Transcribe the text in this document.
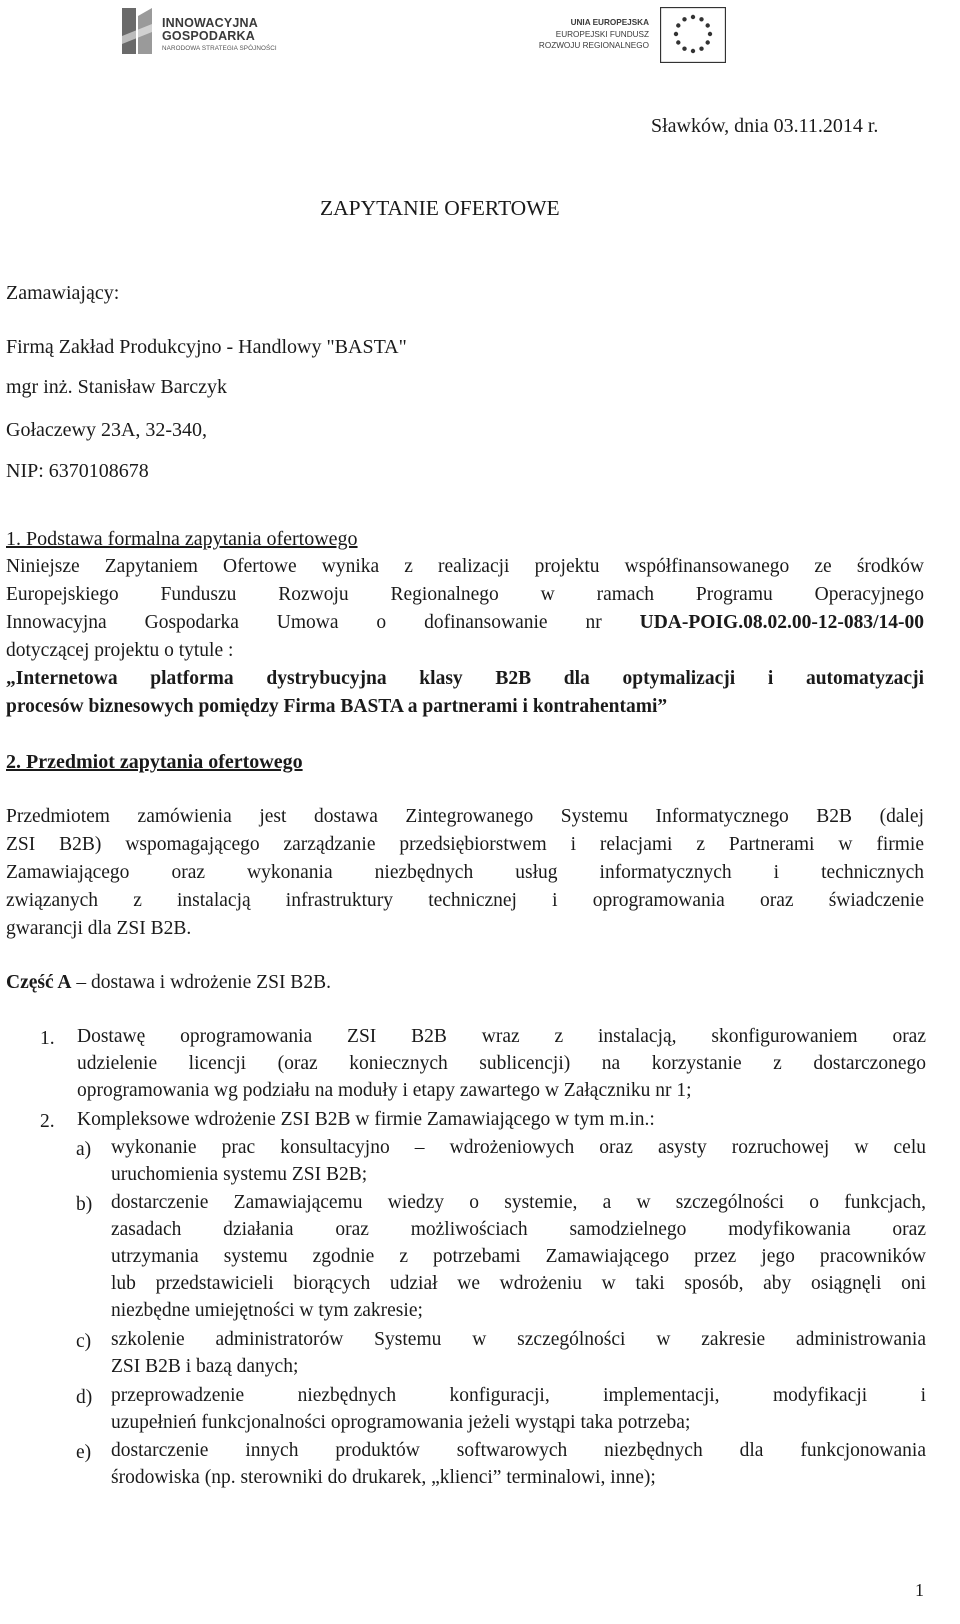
INNOWACYJNA
GOSPODARKA
NARODOWA STRATEGIA SPÓJNOŚCI
UNIA EUROPEJSKA
EUROPEJSKI FUNDUSZ
ROZWOJU REGIONALNEGO
Sławków, dnia 03.11.2014 r.
ZAPYTANIE OFERTOWE
Zamawiający:
Firmą Zakład Produkcyjno - Handlowy "BASTA"
mgr inż. Stanisław Barczyk
Gołaczewy 23A, 32-340,
NIP: 6370108678
1. Podstawa formalna zapytania ofertowego
Niniejsze Zapytaniem Ofertowe wynika z realizacji projektu współfinansowanego ze środków
Europejskiego Funduszu Rozwoju Regionalnego w ramach Programu Operacyjnego
Innowacyjna Gospodarka Umowa o dofinansowanie nr UDA-POIG.08.02.00-12-083/14-00
dotyczącej projektu o tytule :
„Internetowa platforma dystrybucyjna klasy B2B dla optymalizacji i automatyzacji
procesów biznesowych pomiędzy Firma BASTA a partnerami i kontrahentami”
2. Przedmiot zapytania ofertowego
Przedmiotem zamówienia jest dostawa Zintegrowanego Systemu Informatycznego B2B (dalej
ZSI B2B) wspomagającego zarządzanie przedsiębiorstwem i relacjami z Partnerami w firmie
Zamawiającego oraz wykonania niezbędnych usług informatycznych i technicznych
związanych z instalacją infrastruktury technicznej i oprogramowania oraz świadczenie
gwarancji dla ZSI B2B.
Część A – dostawa i wdrożenie ZSI B2B.
1. Dostawę oprogramowania ZSI B2B wraz z instalacją, skonfigurowaniem oraz
udzielenie licencji (oraz koniecznych sublicencji) na korzystanie z dostarczonego
oprogramowania wg podziału na moduły i etapy zawartego w Załączniku nr 1;
2. Kompleksowe wdrożenie ZSI B2B w firmie Zamawiającego w tym m.in.:
a) wykonanie prac konsultacyjno – wdrożeniowych oraz asysty rozruchowej w celu
uruchomienia systemu ZSI B2B;
b) dostarczenie Zamawiającemu wiedzy o systemie, a w szczególności o funkcjach,
zasadach działania oraz możliwościach samodzielnego modyfikowania oraz
utrzymania systemu zgodnie z potrzebami Zamawiającego przez jego pracowników
lub przedstawicieli biorących udział we wdrożeniu w taki sposób, aby osiągnęli oni
niezbędne umiejętności w tym zakresie;
c) szkolenie administratorów Systemu w szczególności w zakresie administrowania
ZSI B2B i bazą danych;
d) przeprowadzenie niezbędnych konfiguracji, implementacji, modyfikacji i
uzupełnień funkcjonalności oprogramowania jeżeli wystąpi taka potrzeba;
e) dostarczenie innych produktów softwarowych niezbędnych dla funkcjonowania
środowiska (np. sterowniki do drukarek, „klienci” terminalowi, inne);
1
